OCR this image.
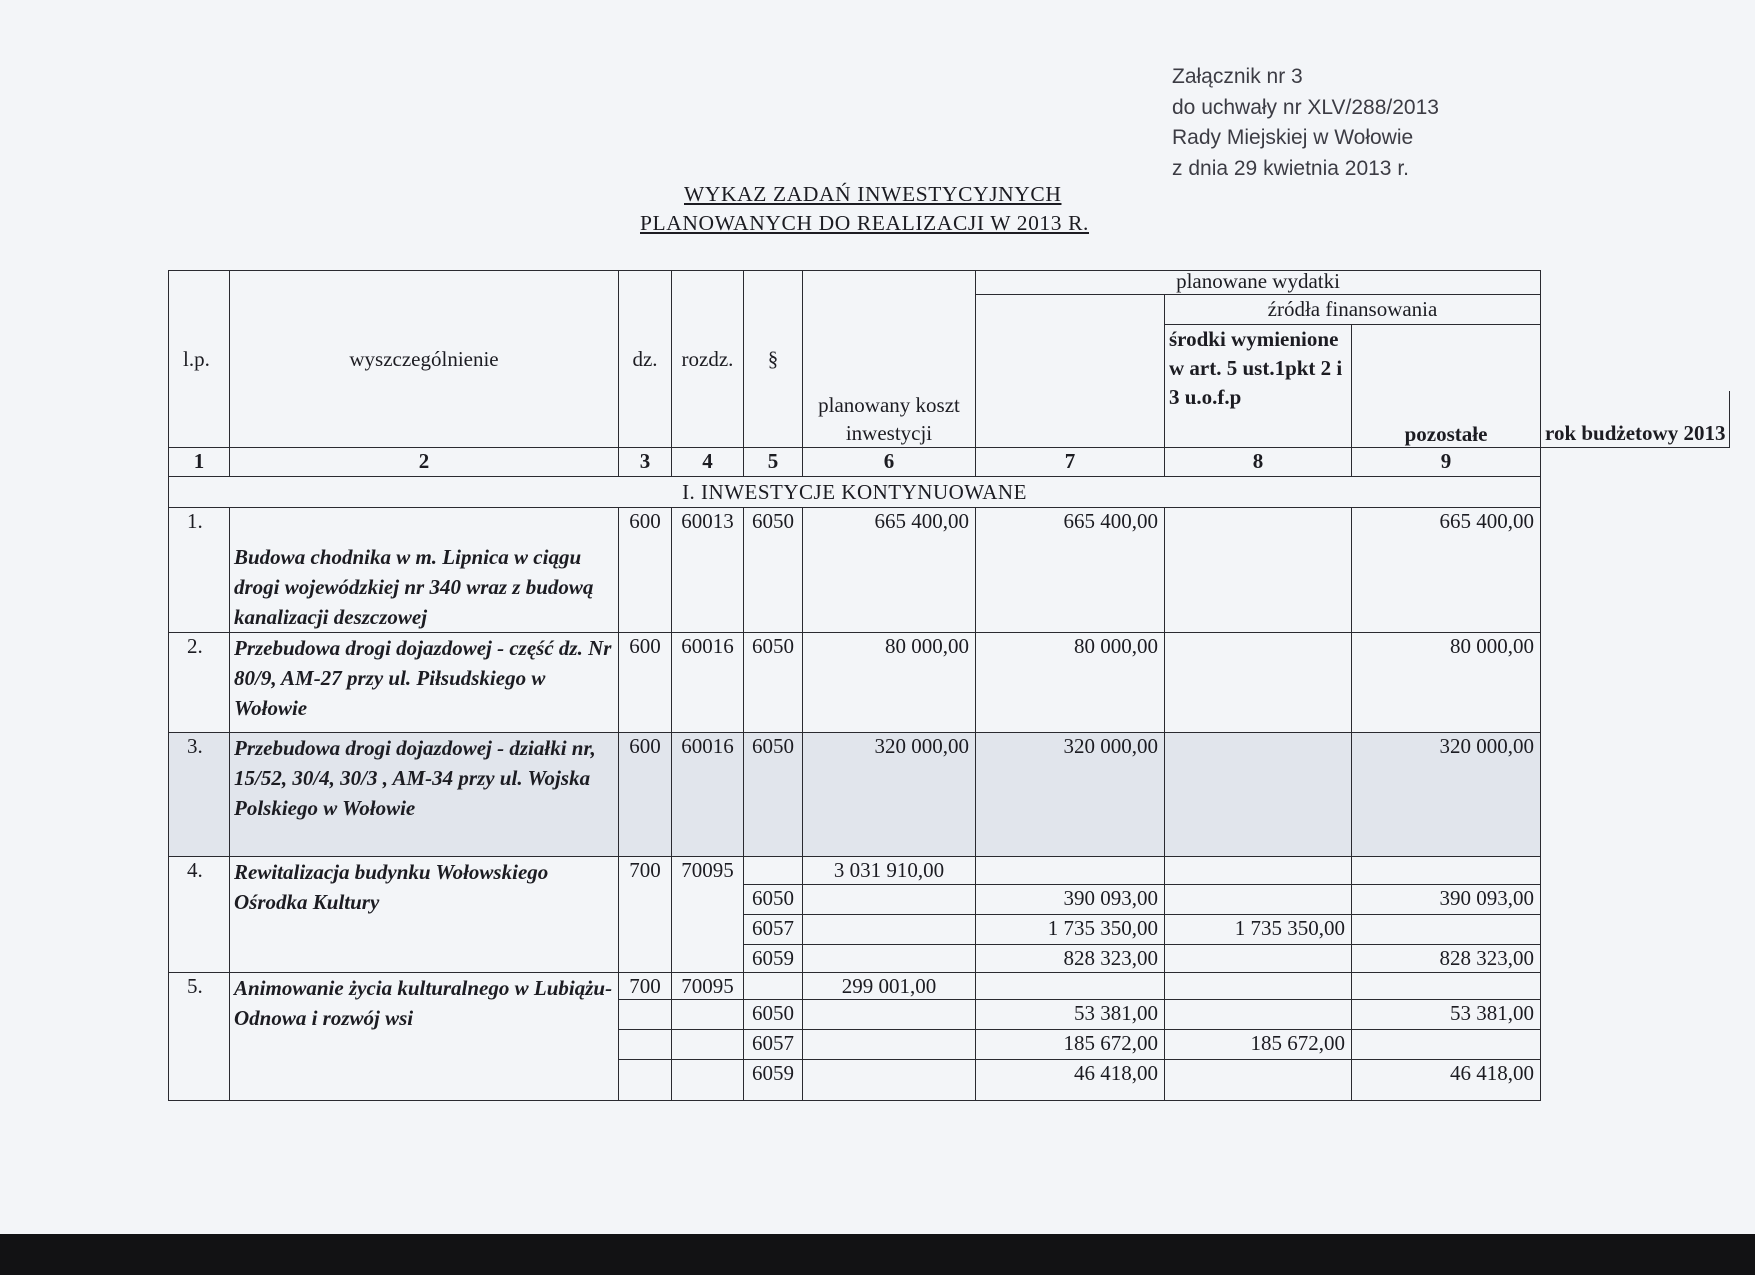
Załącznik nr 3
do uchwały nr XLV/288/2013
Rady Miejskiej w Wołowie
z dnia 29 kwietnia 2013 r.
WYKAZ ZADAŃ INWESTYCYJNYCH
PLANOWANYCH DO REALIZACJI W 2013 R.
l.p.	wyszczególnienie	dz.	rozdz.	§		planowane wydatki			
							źródła finansowania		
							środki wymienione w art. 5 ust.1pkt 2 i 3 u.o.f.p	pozostałe	
					planowany koszt inwestycji				rok budżetowy 2013
1	2	3	4	5	6	7	8	9	
I. INWESTYCJE KONTYNUOWANE									
1.	Budowa chodnika w m. Lipnica w ciągu drogi wojewódzkiej nr 340 wraz z budową kanalizacji deszczowej	600	60013	6050	665 400,00	665 400,00		665 400,00	
2.	Przebudowa drogi dojazdowej - część dz. Nr 80/9, AM-27 przy ul. Piłsudskiego w Wołowie	600	60016	6050	80 000,00	80 000,00		80 000,00	
3.	Przebudowa drogi dojazdowej - działki nr, 15/52, 30/4, 30/3 , AM-34 przy ul. Wojska Polskiego w Wołowie	600	60016	6050	320 000,00	320 000,00		320 000,00	
4.	Rewitalizacja budynku Wołowskiego Ośrodka Kultury	700	70095		3 031 910,00				
				6050		390 093,00		390 093,00	
				6057		1 735 350,00	1 735 350,00		
				6059		828 323,00		828 323,00	
5.	Animowanie życia kulturalnego w Lubiążu- Odnowa i rozwój wsi	700	70095		299 001,00				
				6050		53 381,00		53 381,00	
				6057		185 672,00	185 672,00		
				6059		46 418,00		46 418,00	
